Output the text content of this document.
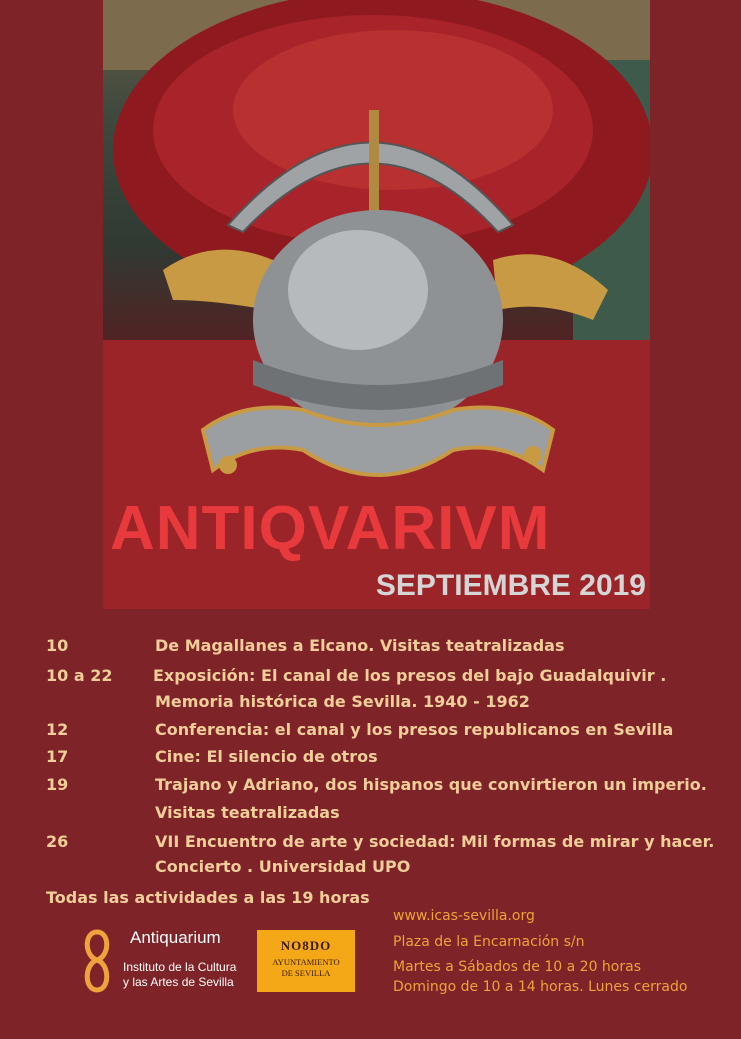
ANTIQVARIVM
SEPTIEMBRE 2019
10	De Magallanes a Elcano. Visitas teatralizadas
10 a 22	Exposición: El canal de los presos del bajo Guadalquivir .
Memoria histórica de Sevilla. 1940 - 1962
12	Conferencia: el canal y los presos republicanos en Sevilla
17	Cine: El silencio de otros
19	Trajano y Adriano, dos hispanos que convirtieron un imperio.
Visitas teatralizadas
26	VII Encuentro de arte y sociedad: Mil formas de mirar y hacer.
Concierto . Universidad UPO
Todas las actividades a las 19 horas
Antiquarium
Instituto de la Cultura
y las Artes de Sevilla
NO8DO
AYUNTAMIENTO
DE SEVILLA
www.icas-sevilla.org
Plaza de la Encarnación s/n
Martes a Sábados de 10 a 20 horas
Domingo de 10 a 14 horas. Lunes cerrado
